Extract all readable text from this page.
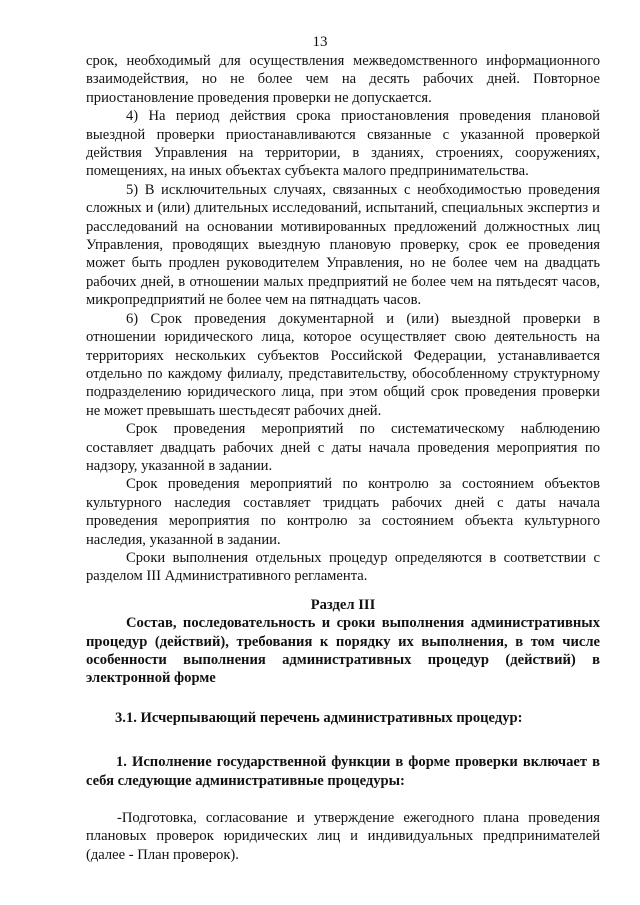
13

срок, необходимый для осуществления межведомственного информационного взаимодействия, но не более чем на десять рабочих дней. Повторное приостановление проведения проверки не допускается.

4) На период действия срока приостановления проведения плановой выездной проверки приостанавливаются связанные с указанной проверкой действия Управления на территории, в зданиях, строениях, сооружениях, помещениях, на иных объектах субъекта малого предпринимательства.

5) В исключительных случаях, связанных с необходимостью проведения сложных и (или) длительных исследований, испытаний, специальных экспертиз и расследований на основании мотивированных предложений должностных лиц Управления, проводящих выездную плановую проверку, срок ее проведения может быть продлен руководителем Управления, но не более чем на двадцать рабочих дней, в отношении малых предприятий не более чем на пятьдесят часов, микропредприятий не более чем на пятнадцать часов.

6) Срок проведения документарной и (или) выездной проверки в отношении юридического лица, которое осуществляет свою деятельность на территориях нескольких субъектов Российской Федерации, устанавливается отдельно по каждому филиалу, представительству, обособленному структурному подразделению юридического лица, при этом общий срок проведения проверки не может превышать шестьдесят рабочих дней.

Срок проведения мероприятий по систематическому наблюдению составляет двадцать рабочих дней с даты начала проведения мероприятия по надзору, указанной в задании.

Срок проведения мероприятий по контролю за состоянием объектов культурного наследия составляет тридцать рабочих дней с даты начала проведения мероприятия по контролю за состоянием объекта культурного наследия, указанной в задании.

Сроки выполнения отдельных процедур определяются в соответствии с разделом III Административного регламента.

Раздел III

Состав, последовательность и сроки выполнения административных процедур (действий), требования к порядку их выполнения, в том числе особенности выполнения административных процедур (действий) в электронной форме

3.1. Исчерпывающий перечень административных процедур:

1. Исполнение государственной функции в форме проверки включает в себя следующие административные процедуры:

-Подготовка, согласование и утверждение ежегодного плана проведения плановых проверок юридических лиц и индивидуальных предпринимателей (далее - План проверок).
